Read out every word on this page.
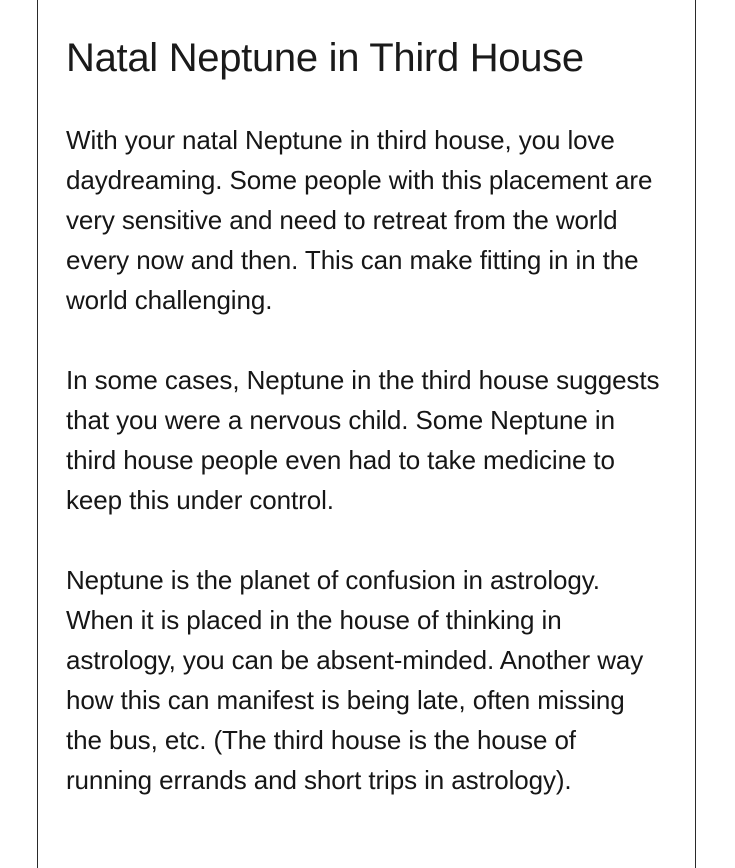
Natal Neptune in Third House

With your natal Neptune in third house, you love daydreaming. Some people with this placement are very sensitive and need to retreat from the world every now and then. This can make fitting in in the world challenging.

In some cases, Neptune in the third house suggests that you were a nervous child. Some Neptune in third house people even had to take medicine to keep this under control.

Neptune is the planet of confusion in astrology. When it is placed in the house of thinking in astrology, you can be absent-minded. Another way how this can manifest is being late, often missing the bus, etc. (The third house is the house of running errands and short trips in astrology).
